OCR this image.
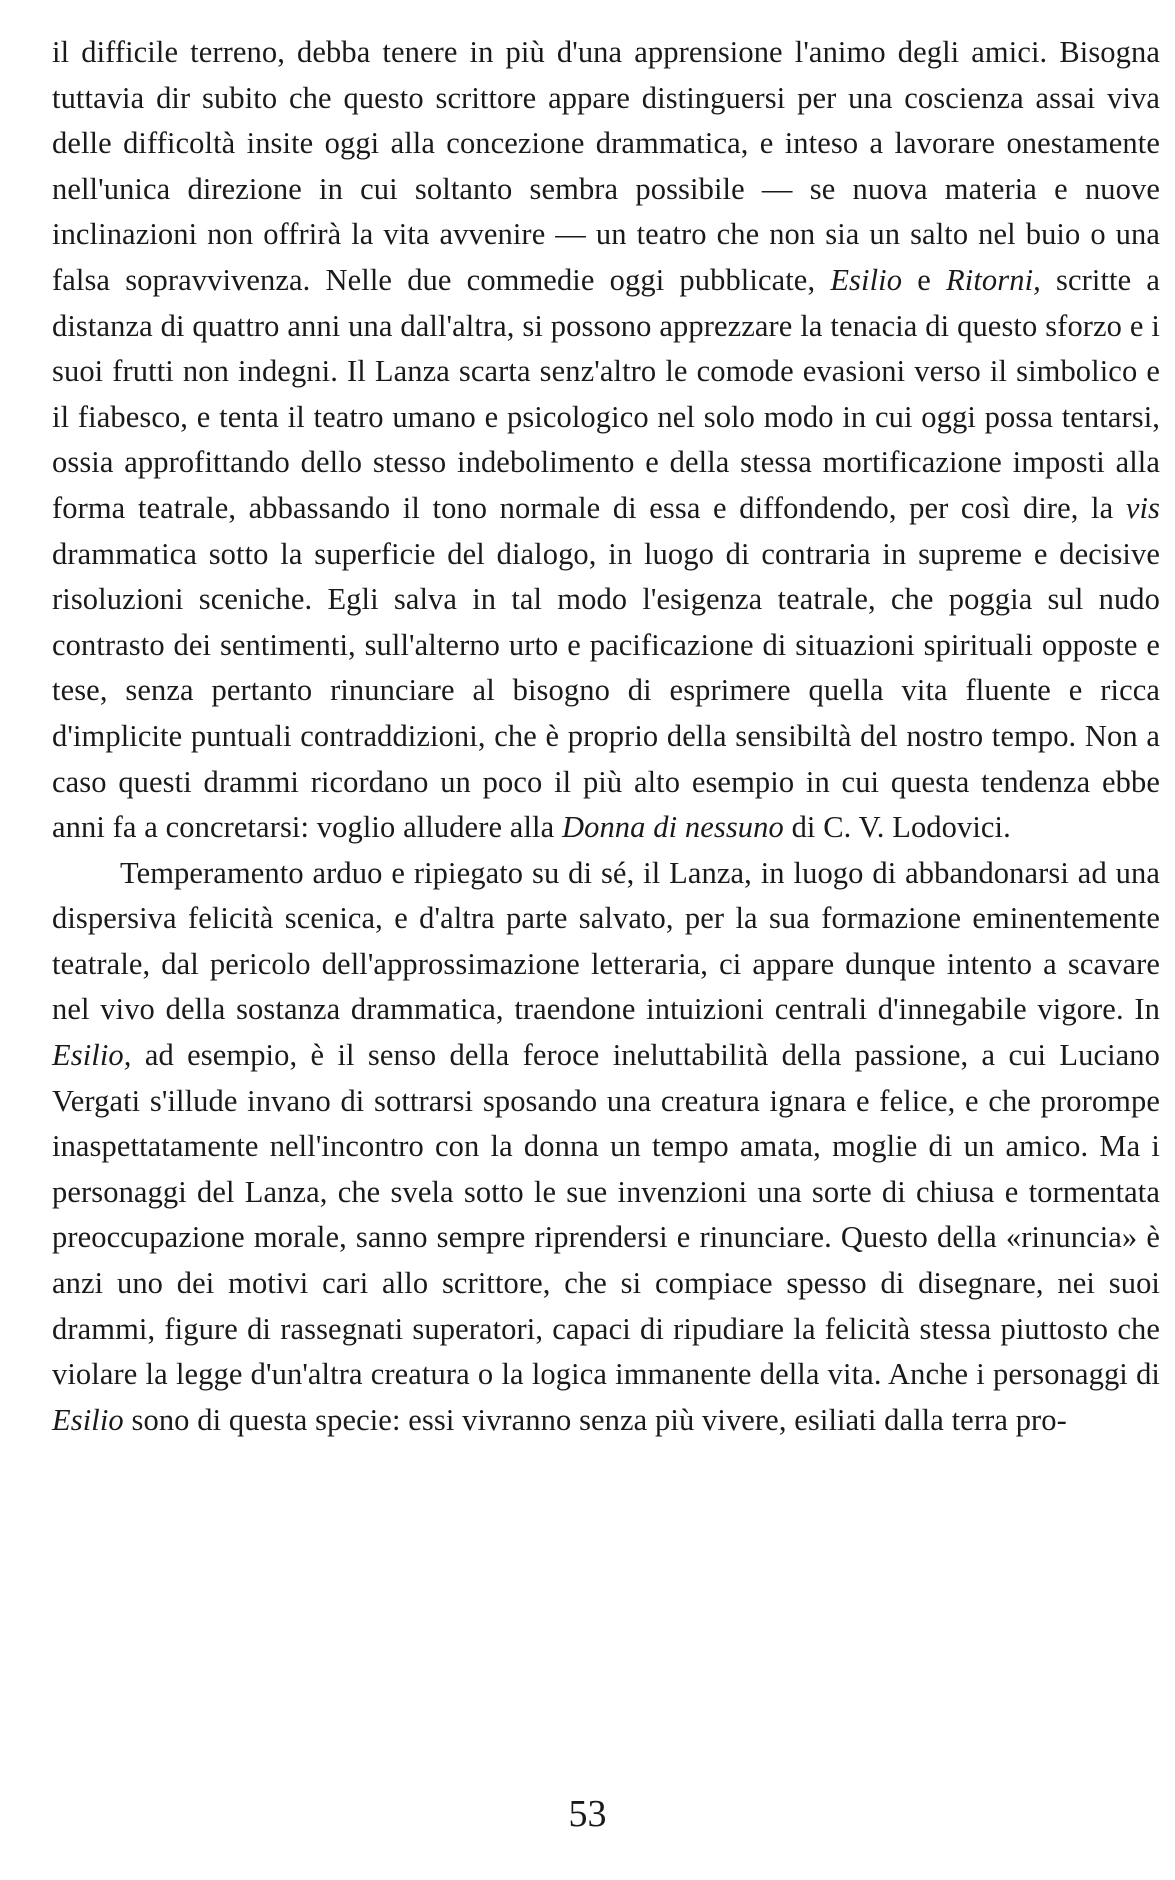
il difficile terreno, debba tenere in più d'una apprensione l'animo degli amici. Bisogna tuttavia dir subito che questo scrittore appare distinguersi per una coscienza assai viva delle difficoltà insite oggi alla concezione drammatica, e inteso a lavorare onestamente nell'unica direzione in cui soltanto sembra possibile — se nuova materia e nuove inclinazioni non offrirà la vita avvenire — un teatro che non sia un salto nel buio o una falsa sopravvivenza. Nelle due commedie oggi pubblicate, Esilio e Ritorni, scritte a distanza di quattro anni una dall'altra, si possono apprezzare la tenacia di questo sforzo e i suoi frutti non indegni. Il Lanza scarta senz'altro le comode evasioni verso il simbolico e il fiabesco, e tenta il teatro umano e psicologico nel solo modo in cui oggi possa tentarsi, ossia approfittando dello stesso indebolimento e della stessa mortificazione imposti alla forma teatrale, abbassando il tono normale di essa e diffondendo, per così dire, la vis drammatica sotto la superficie del dialogo, in luogo di contraria in supreme e decisive risoluzioni sceniche. Egli salva in tal modo l'esigenza teatrale, che poggia sul nudo contrasto dei sentimenti, sull'alterno urto e pacificazione di situazioni spirituali opposte e tese, senza pertanto rinunciare al bisogno di esprimere quella vita fluente e ricca d'implicite puntuali contraddizioni, che è proprio della sensibiltà del nostro tempo. Non a caso questi drammi ricordano un poco il più alto esempio in cui questa tendenza ebbe anni fa a concretarsi: voglio alludere alla Donna di nessuno di C. V. Lodovici.

Temperamento arduo e ripiegato su di sé, il Lanza, in luogo di abbandonarsi ad una dispersiva felicità scenica, e d'altra parte salvato, per la sua formazione eminentemente teatrale, dal pericolo dell'approssimazione letteraria, ci appare dunque intento a scavare nel vivo della sostanza drammatica, traendone intuizioni centrali d'innegabile vigore. In Esilio, ad esempio, è il senso della feroce ineluttabilità della passione, a cui Luciano Vergati s'illude invano di sottrarsi sposando una creatura ignara e felice, e che prorompe inaspettatamente nell'incontro con la donna un tempo amata, moglie di un amico. Ma i personaggi del Lanza, che svela sotto le sue invenzioni una sorte di chiusa e tormentata preoccupazione morale, sanno sempre riprendersi e rinunciare. Questo della «rinuncia» è anzi uno dei motivi cari allo scrittore, che si compiace spesso di disegnare, nei suoi drammi, figure di rassegnati superatori, capaci di ripudiare la felicità stessa piuttosto che violare la legge d'un'altra creatura o la logica immanente della vita. Anche i personaggi di Esilio sono di questa specie: essi vivranno senza più vivere, esiliati dalla terra pro-

53
